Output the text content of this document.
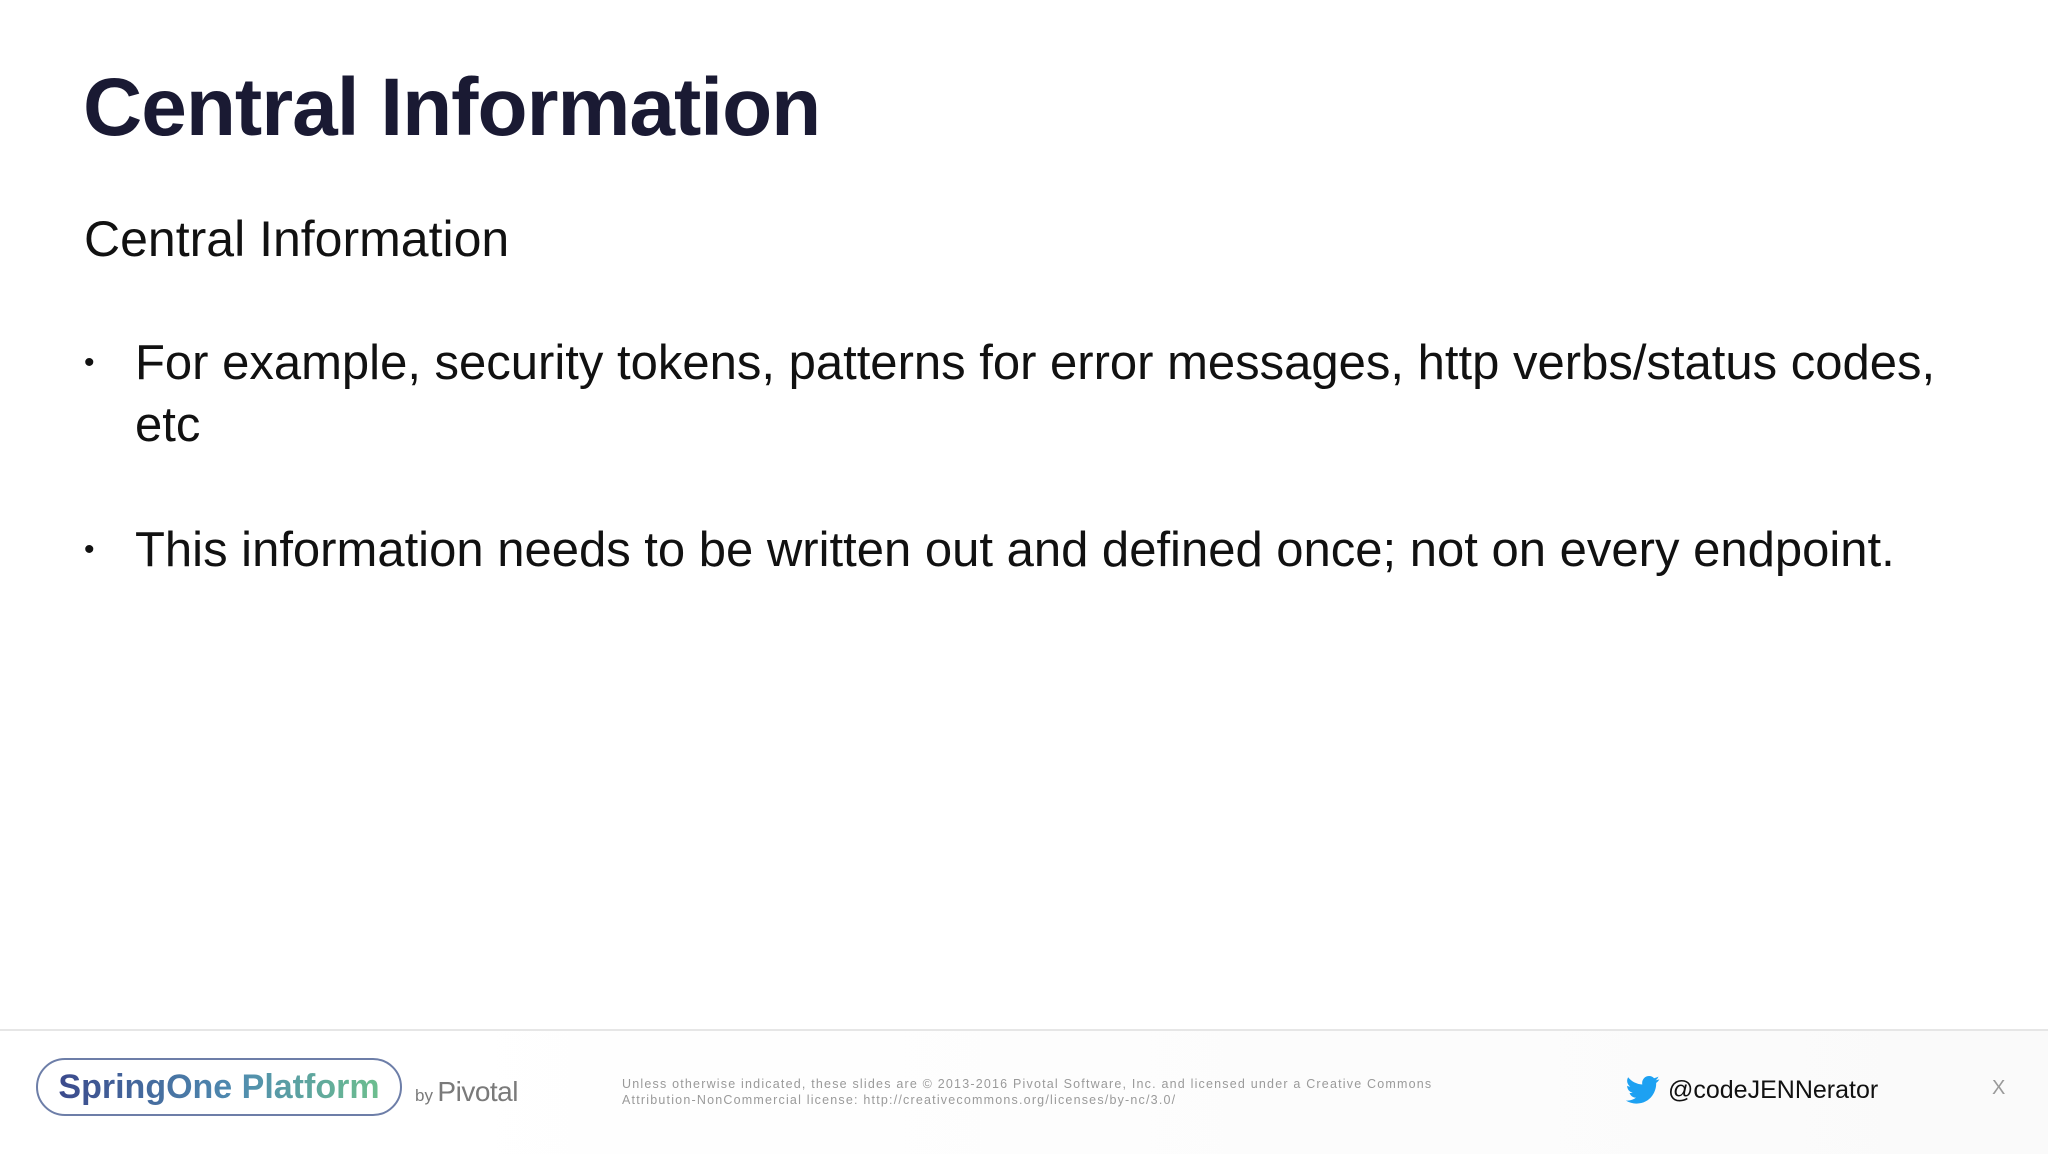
Central Information
Central Information
• For example, security tokens, patterns for error messages, http verbs/status codes, etc
• This information needs to be written out and defined once; not on every endpoint.
SpringOne Platform by Pivotal	Unless otherwise indicated, these slides are © 2013-2016 Pivotal Software, Inc. and licensed under a Creative Commons
Attribution-NonCommercial license: http://creativecommons.org/licenses/by-nc/3.0/	@codeJENNerator	X
